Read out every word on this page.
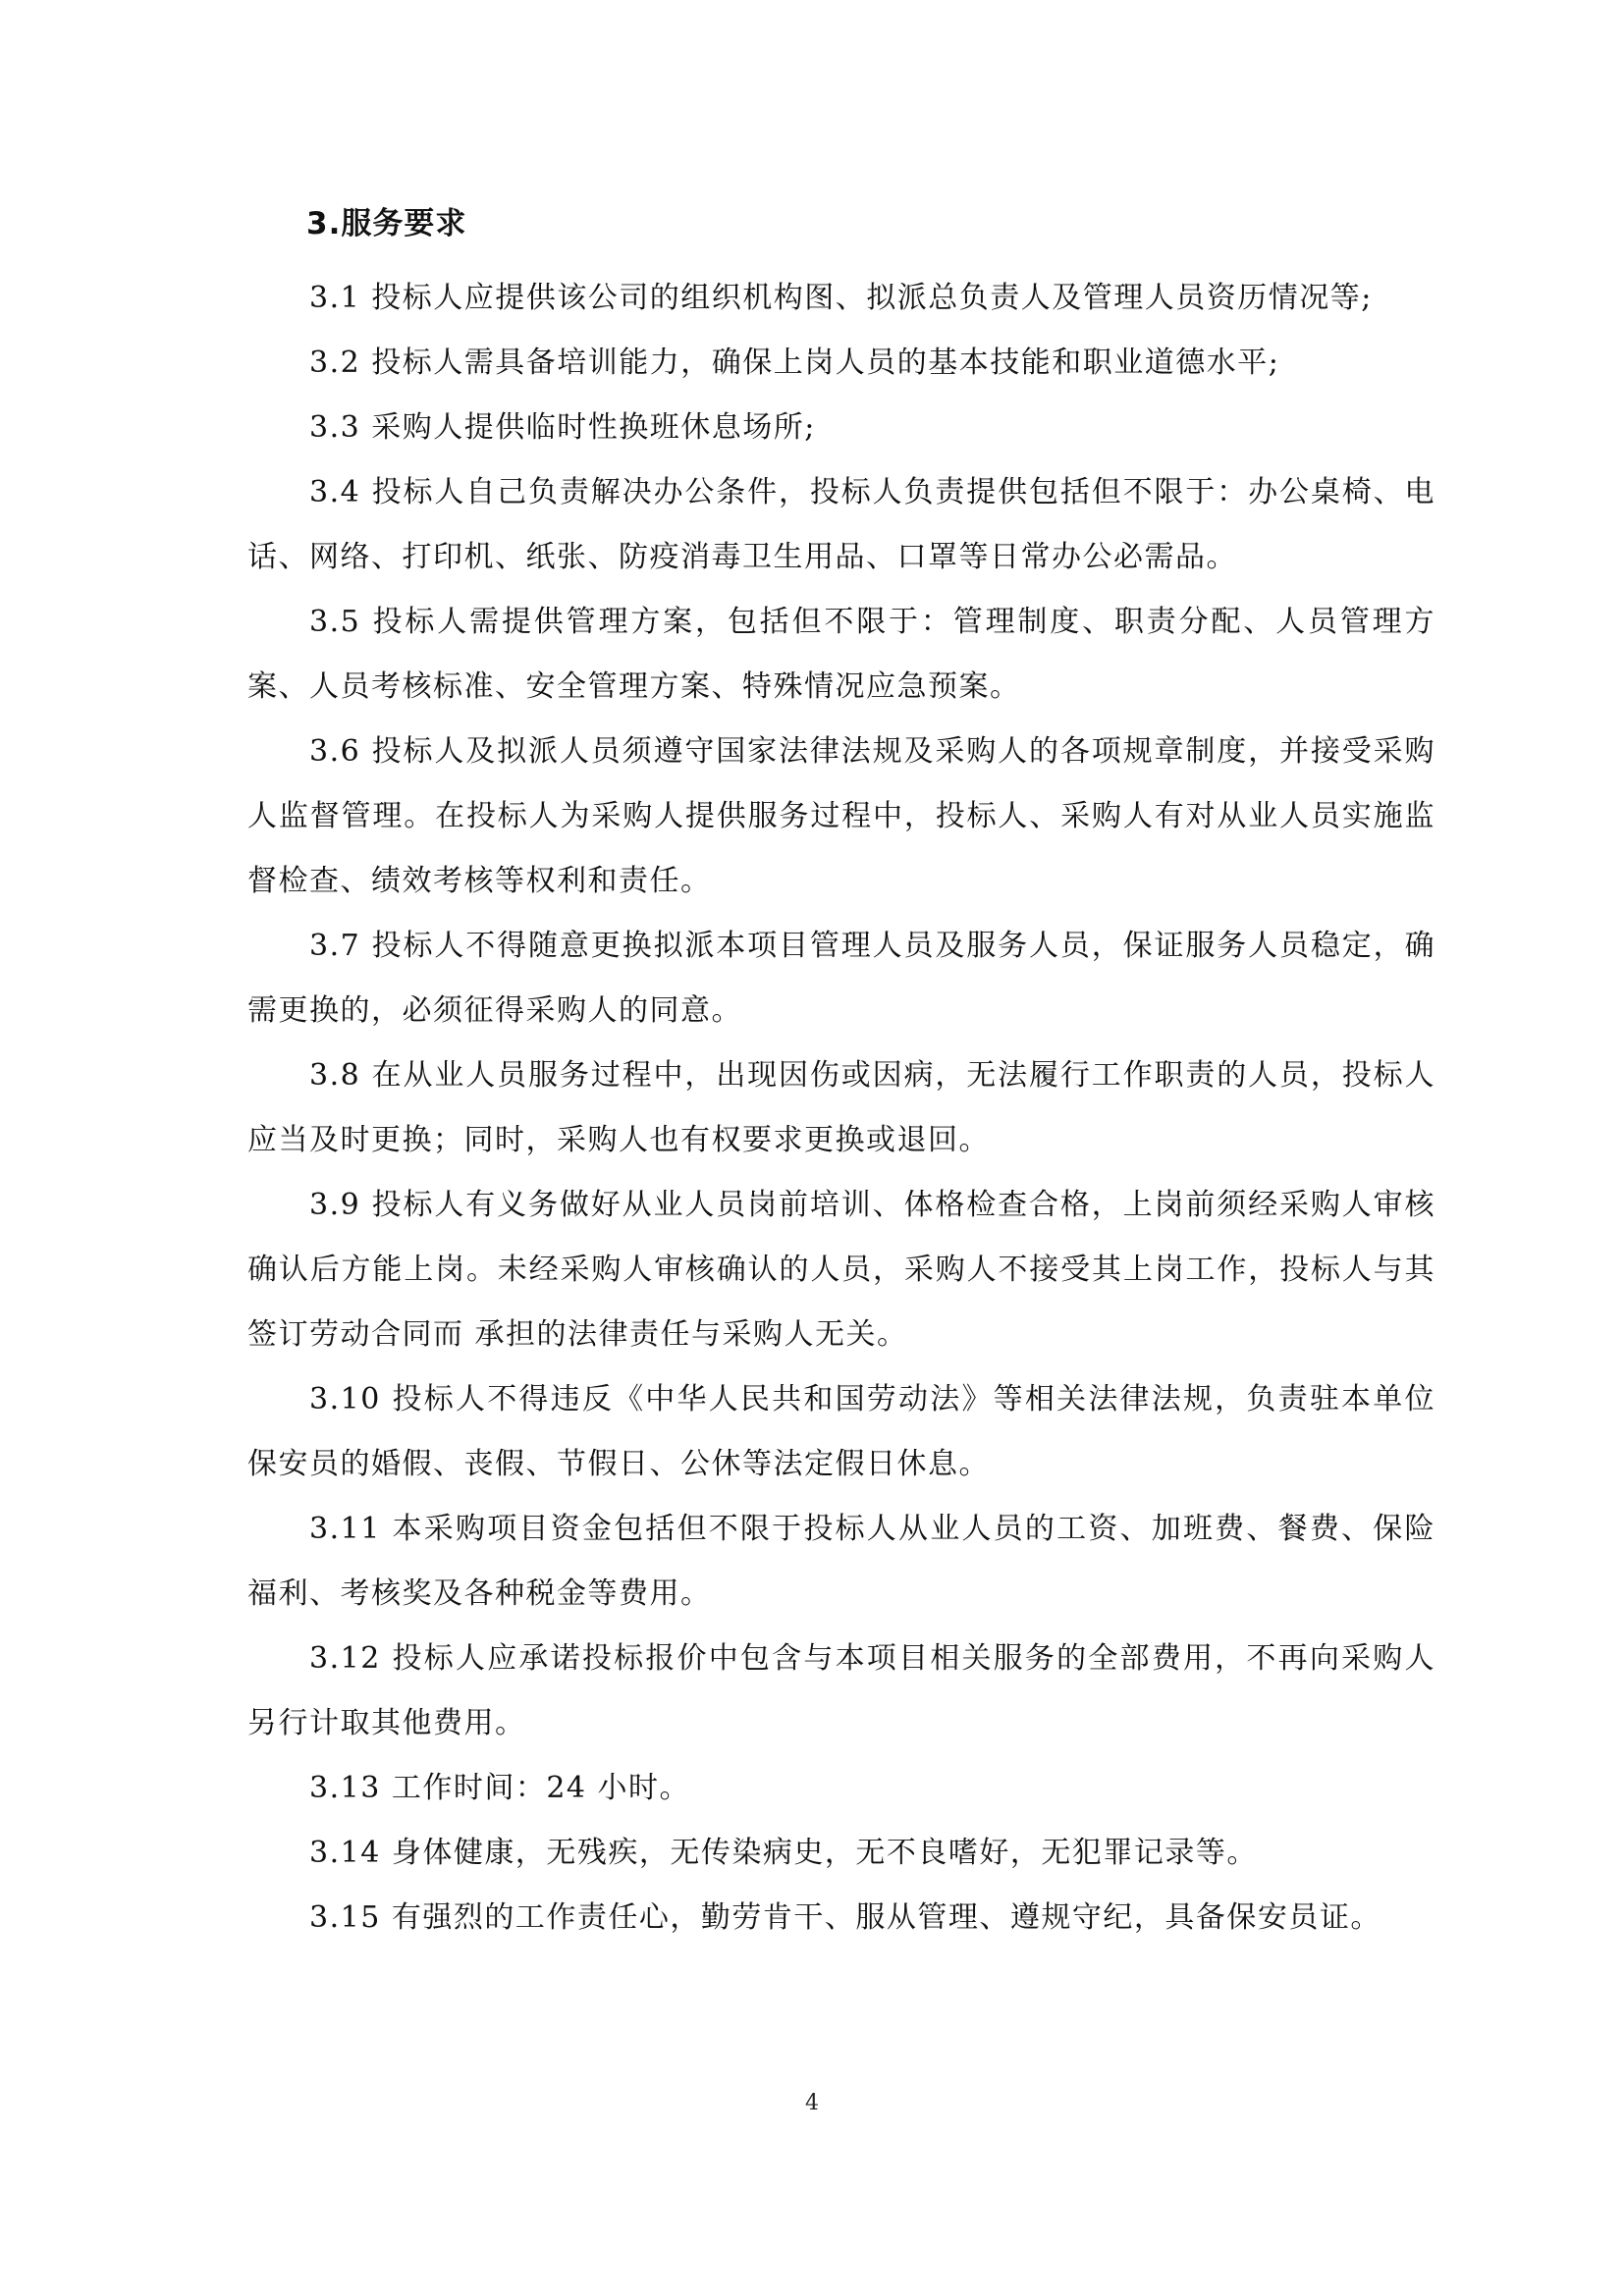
3.服务要求

3.1 投标人应提供该公司的组织机构图、拟派总负责人及管理人员资历情况等;

3.2 投标人需具备培训能力，确保上岗人员的基本技能和职业道德水平;

3.3 采购人提供临时性换班休息场所;

3.4 投标人自己负责解决办公条件，投标人负责提供包括但不限于：办公桌椅、电话、网络、打印机、纸张、防疫消毒卫生用品、口罩等日常办公必需品。

3.5 投标人需提供管理方案，包括但不限于：管理制度、职责分配、人员管理方案、人员考核标准、安全管理方案、特殊情况应急预案。

3.6 投标人及拟派人员须遵守国家法律法规及采购人的各项规章制度，并接受采购人监督管理。在投标人为采购人提供服务过程中，投标人、采购人有对从业人员实施监督检查、绩效考核等权利和责任。

3.7 投标人不得随意更换拟派本项目管理人员及服务人员，保证服务人员稳定，确需更换的，必须征得采购人的同意。

3.8 在从业人员服务过程中，出现因伤或因病，无法履行工作职责的人员，投标人应当及时更换；同时，采购人也有权要求更换或退回。

3.9 投标人有义务做好从业人员岗前培训、体格检查合格，上岗前须经采购人审核确认后方能上岗。未经采购人审核确认的人员，采购人不接受其上岗工作，投标人与其签订劳动合同而 承担的法律责任与采购人无关。

3.10 投标人不得违反《中华人民共和国劳动法》等相关法律法规，负责驻本单位保安员的婚假、丧假、节假日、公休等法定假日休息。

3.11 本采购项目资金包括但不限于投标人从业人员的工资、加班费、餐费、保险福利、考核奖及各种税金等费用。

3.12 投标人应承诺投标报价中包含与本项目相关服务的全部费用，不再向采购人另行计取其他费用。

3.13 工作时间：24 小时。

3.14 身体健康，无残疾，无传染病史，无不良嗜好，无犯罪记录等。

3.15 有强烈的工作责任心，勤劳肯干、服从管理、遵规守纪，具备保安员证。

4
